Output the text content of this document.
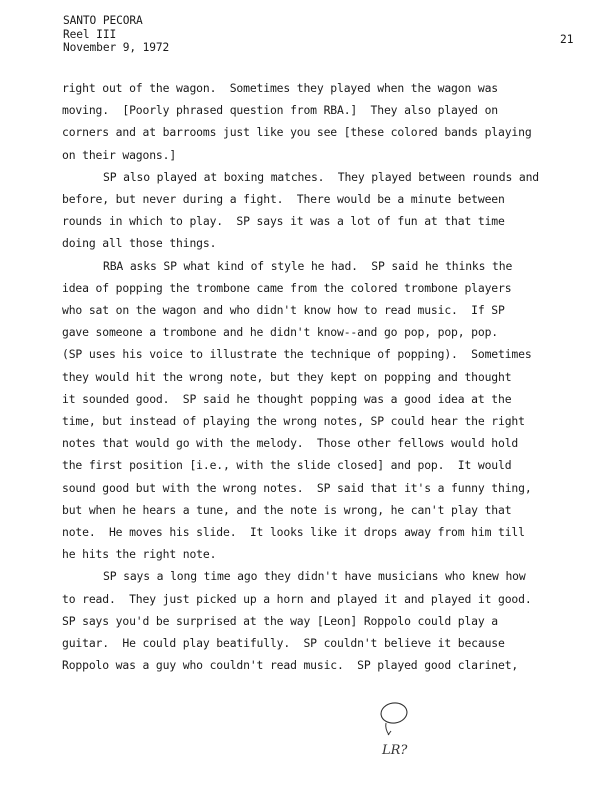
SANTO PECORA
Reel III
November 9, 1972
21
right out of the wagon.  Sometimes they played when the wagon was
moving.  [Poorly phrased question from RBA.]  They also played on
corners and at barrooms just like you see [these colored bands playing
on their wagons.]
SP also played at boxing matches.  They played between rounds and
before, but never during a fight.  There would be a minute between
rounds in which to play.  SP says it was a lot of fun at that time
doing all those things.
RBA asks SP what kind of style he had.  SP said he thinks the
idea of popping the trombone came from the colored trombone players
who sat on the wagon and who didn't know how to read music.  If SP
gave someone a trombone and he didn't know--and go pop, pop, pop.
(SP uses his voice to illustrate the technique of popping).  Sometimes
they would hit the wrong note, but they kept on popping and thought
it sounded good.  SP said he thought popping was a good idea at the
time, but instead of playing the wrong notes, SP could hear the right
notes that would go with the melody.  Those other fellows would hold
the first position [i.e., with the slide closed] and pop.  It would
sound good but with the wrong notes.  SP said that it's a funny thing,
but when he hears a tune, and the note is wrong, he can't play that
note.  He moves his slide.  It looks like it drops away from him till
he hits the right note.
SP says a long time ago they didn't have musicians who knew how
to read.  They just picked up a horn and played it and played it good.
SP says you'd be surprised at the way [Leon] Roppolo could play a
guitar.  He could play beatifully.  SP couldn't believe it because
Roppolo was a guy who couldn't read music.  SP played good clarinet,
LR?
